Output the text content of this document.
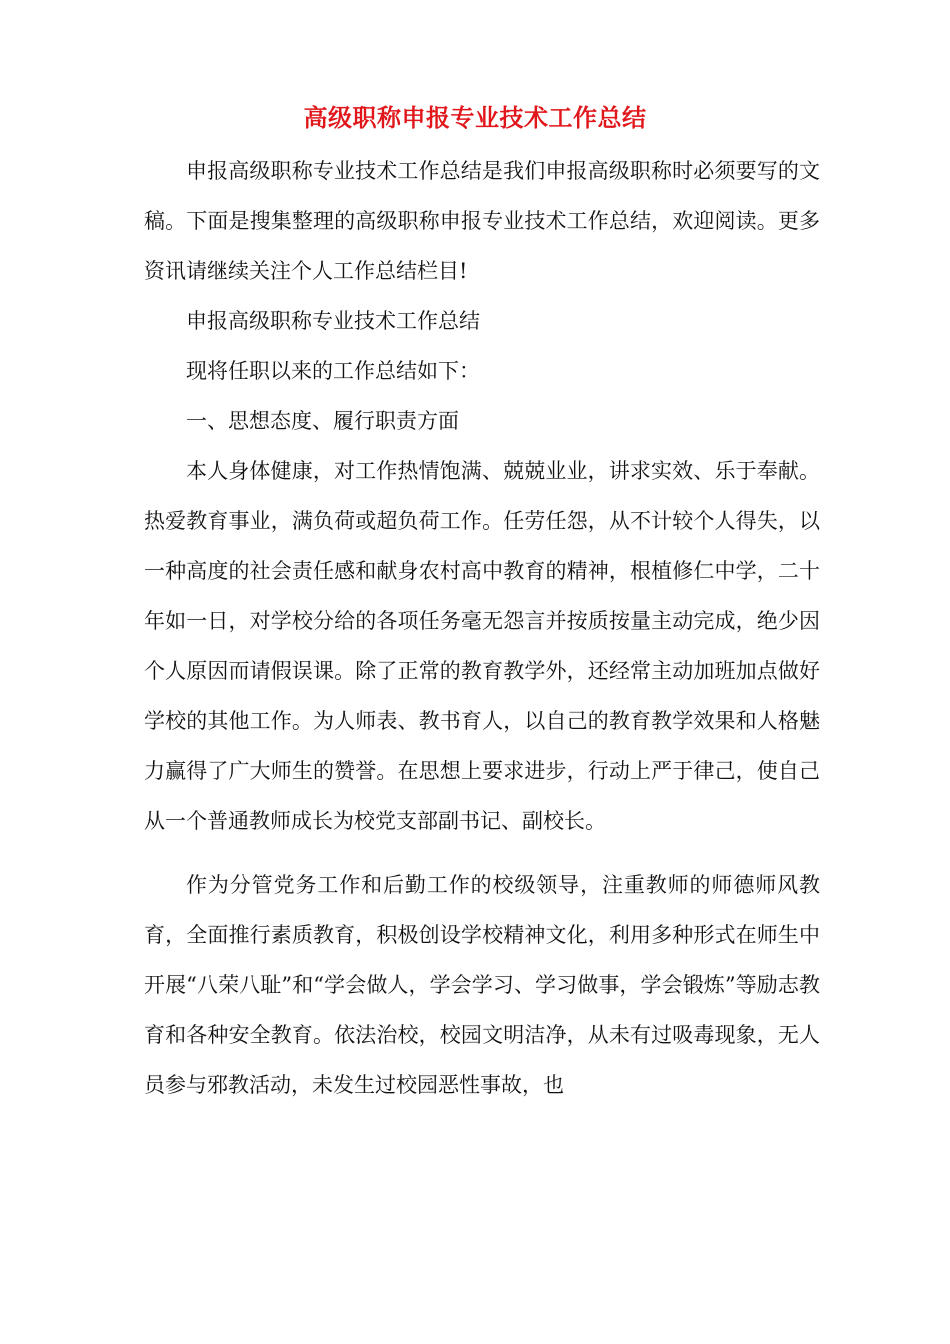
高级职称申报专业技术工作总结

申报高级职称专业技术工作总结是我们申报高级职称时必须要写的文稿。下面是搜集整理的高级职称申报专业技术工作总结，欢迎阅读。更多资讯请继续关注个人工作总结栏目!

申报高级职称专业技术工作总结

现将任职以来的工作总结如下：

一、思想态度、履行职责方面

本人身体健康，对工作热情饱满、兢兢业业，讲求实效、乐于奉献。热爱教育事业，满负荷或超负荷工作。任劳任怨，从不计较个人得失，以一种高度的社会责任感和献身农村高中教育的精神，根植修仁中学，二十年如一日，对学校分给的各项任务毫无怨言并按质按量主动完成，绝少因个人原因而请假误课。除了正常的教育教学外，还经常主动加班加点做好学校的其他工作。为人师表、教书育人，以自己的教育教学效果和人格魅力赢得了广大师生的赞誉。在思想上要求进步，行动上严于律己，使自己从一个普通教师成长为校党支部副书记、副校长。

作为分管党务工作和后勤工作的校级领导，注重教师的师德师风教育，全面推行素质教育，积极创设学校精神文化，利用多种形式在师生中开展“八荣八耻”和“学会做人，学会学习、学习做事，学会锻炼”等励志教育和各种安全教育。依法治校，校园文明洁净，从未有过吸毒现象，无人员参与邪教活动，未发生过校园恶性事故，也
